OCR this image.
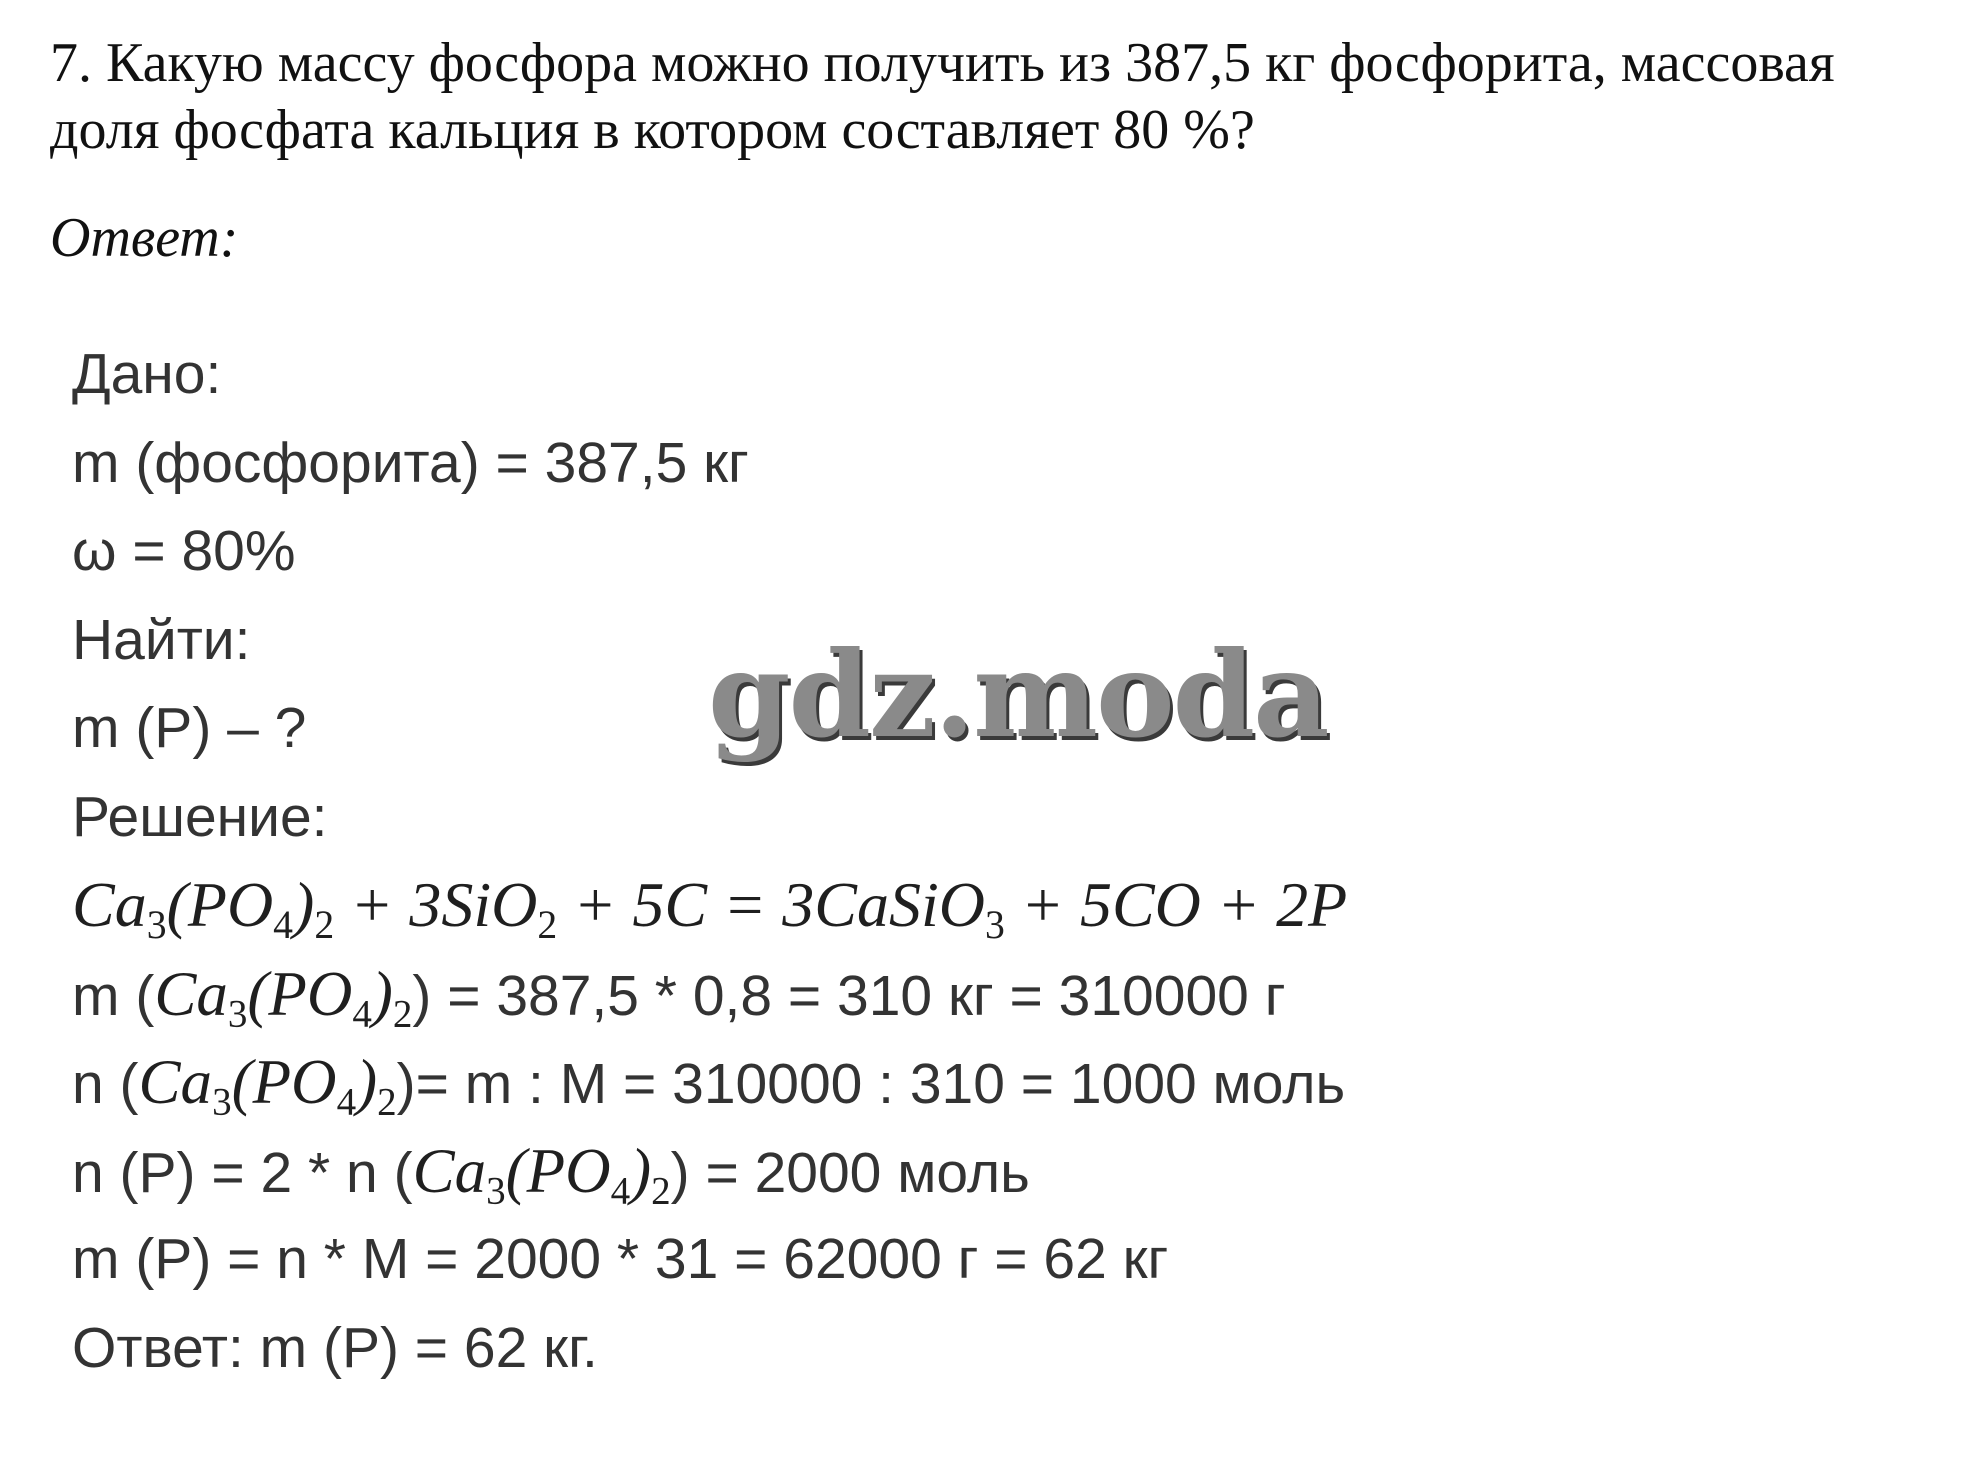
7. Какую массу фосфора можно получить из 387,5 кг фосфорита, массовая доля фосфата кальция в котором составляет 80 %?
Ответ:
Дано:
m (фосфорита) = 387,5 кг
ω = 80%
Найти:
m (P) – ?
Решение:
$Ca_3(PO_4)_2 + 3SiO_2 + 5C$ = 3CaSiO$_3$ + 5CO + 2P
m $(Ca_3(PO_4)_2) = 387,5 * 0,8 = 310$ кг = 310000 г
n $(Ca_3(PO_4)_2)= m$ : M = 310000 : 310 = 1000 моль
n (P) = 2 * n $(Ca_3(PO_4)_2) = 2000$ моль
m (P) = n * M = 2000 * 31 = 62000 г = 62 кг
Ответ: m (P) = 62 кг.
gdz.moda
